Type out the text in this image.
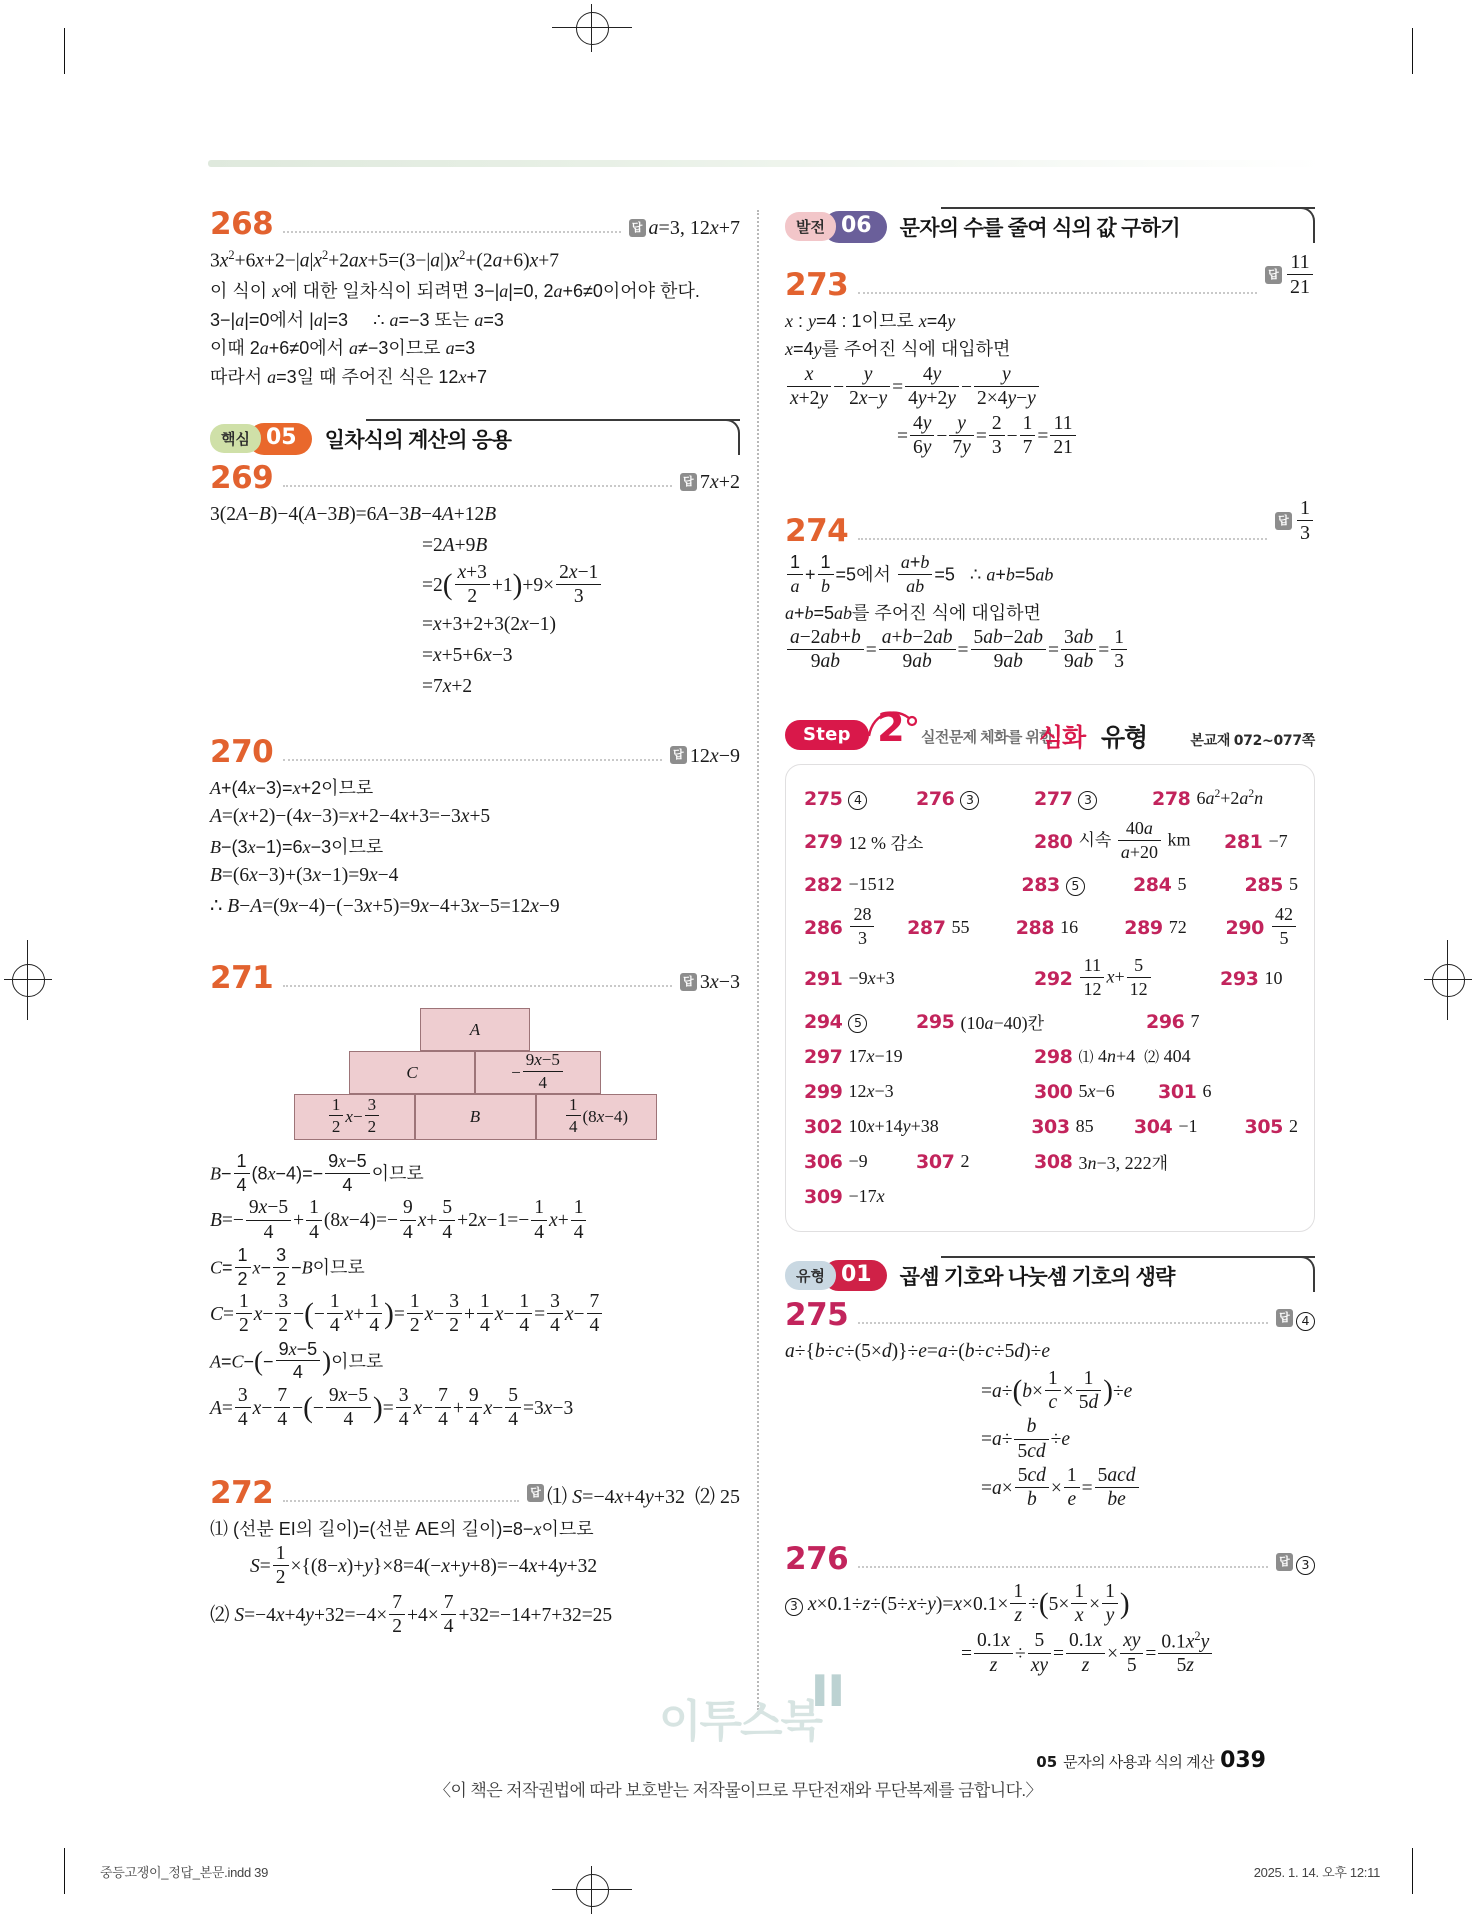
268	답 a=3, 12x+7
$3x^2+6x+2-|a|x^2+2ax+5=(3-|a|)x^2+(2a+6)x+7$
이 식이 x에 대한 일차식이 되려면 3−|a|=0, 2a+6≠0이어야 한다.
3−|a|=0에서 |a|=3     ∴ a=−3 또는 a=3
이때 2a+6≠0에서 a≠−3이므로 a=3
따라서 a=3일 때 주어진 식은 12x+7
핵심 05	일차식의 계산의 응용
269	답 7x+2
3(2A−B)−4(A−3B)=6A−3B−4A+12B
=2A+9B
$=2( \frac{x+3}{2} +1)+9\times \frac{2x-1}{3}$
=x+3+2+3(2x−1)
=x+5+6x−3
=7x+2
270	답 12x−9
A+(4x−3)=x+2이므로
A=(x+2)−(4x−3)=x+2−4x+3=−3x+5
B−(3x−1)=6x−3이므로
B=(6x−3)+(3x−1)=9x−4
∴ B−A=(9x−4)−(−3x+5)=9x−4+3x−5=12x−9
271	답 3x−3
A
C	−
9x−5
4
1
2
x −
3
2
B
1
4
(8 x −4)
$B- \frac{1}{4} (8x-4)=- \frac{9x-5}{4}$ 이므로
$B=- \frac{9x-5}{4} + \frac{1}{4} (8x-4)=- \frac{9}{4} x+ \frac{5}{4} +2x-1=- \frac{1}{4} x+ \frac{1}{4}$
$C= \frac{1}{2} x- \frac{3}{2} -B$이므로
$C= \frac{1}{2} x- \frac{3}{2}$ −(− $\frac{1}{4} x+ \frac{1}{4}$ )= $\frac{1}{2} x- \frac{3}{2} + \frac{1}{4} x- \frac{1}{4} = \frac{3}{4} x- \frac{7}{4}$
$A=C-(- \frac{9x-5}{4}$ )이므로
$A= \frac{3}{4} x- \frac{7}{4}$ −(− $\frac{9x-5}{4}$ )= $\frac{3}{4} x- \frac{7}{4} + \frac{9}{4} x- \frac{5}{4} =3x-3$
272	답 ⑴ S=−4x+4y+32  ⑵ 25
⑴ (선분 EI의 길이)=(선분 AE의 길이)=8−x이므로
$S= \frac{1}{2} \times\{(8-x)+y\}\times 8=4(-x+y+8)=-4x+4y+32$
⑵ $S=-4x+4y+32=-4\times \frac{7}{2} +4\times \frac{7}{4} +32=-14+7+32=25$
발전 06	문자의 수를 줄여 식의 값 구하기
273	답 $\frac{11}{21}$
x : y=4 : 1이므로 x=4y
x=4y를 주어진 식에 대입하면
$\frac{x}{x+2y} - \frac{y}{2x-y} = \frac{4y}{4y+2y} - \frac{y}{2\times 4y-y}$
= $\frac{4y}{6y} - \frac{y}{7y} = \frac{2}{3} - \frac{1}{7} = \frac{11}{21}$
274	답 $\frac{1}{3}$
$\frac{1}{a} + \frac{1}{b} =5$에서 $\frac{a+b}{ab} =5$   ∴ a+b=5ab
a+b=5ab를 주어진 식에 대입하면
$\frac{a-2ab+b}{9ab} = \frac{a+b-2ab}{9ab} = \frac{5ab-2ab}{9ab} = \frac{3ab}{9ab} = \frac{1}{3}$
Step 2 실전문제 체화를 위한
심화 유형	본교재 072~077쪽
275 4	276 3	277 3	278 $6a^2+2a^2n$
279 12 % 감소	280 시속 $\frac{40a}{a+20}$ km 281 −7
282 −1512	283 5	284 5	285 5
$286 \frac{28}{3} 287$ 55 288 16 289 72 $290 \frac{42}{5}$
291 −9x+3	$292 \frac{11}{12} x+ \frac{5}{12}$	293 10
294 5	295 (10a−40)칸	296 7
297 17x−19	298 ⑴ 4n+4  ⑵ 404
299 12x−3	300 5x−6 301 6
302 10x+14y+38	303 85 304 −1 305 2
306 −9	307 2	308 3n−3, 222개
309 −17x
유형 01	곱셈 기호와 나눗셈 기호의 생략
275	답 4
a÷{b÷c÷(5×d)}÷e=a÷(b÷c÷5d)÷e
$=a\div(b\times \frac{1}{c} \times \frac{1}{5d} )\div e$
$=a\div \frac{b}{5cd} \div e$
$=a\times \frac{5cd}{b} \times \frac{1}{e}$ =
5acd
be
276	답 3
3 $x\times 0.1\div z\div(5\div x\div y)=x\times 0.1\times \frac{1}{z} \div(5\times \frac{1}{x} \times \frac{1}{y}$ )
= $\frac{0.1x}{z} \div \frac{5}{xy} = \frac{0.1x}{z} \times \frac{xy}{5} = \frac{0.1x^2y}{5z}$
이투스북
▌▌
〈이 책은 저작권법에 따라 보호받는 저작물이므로 무단전재와 무단복제를 금합니다.〉
05 문자의 사용과 식의 계산 039
중등고쟁이_정답_본문.indd 39	2025. 1. 14. 오후 12:11
